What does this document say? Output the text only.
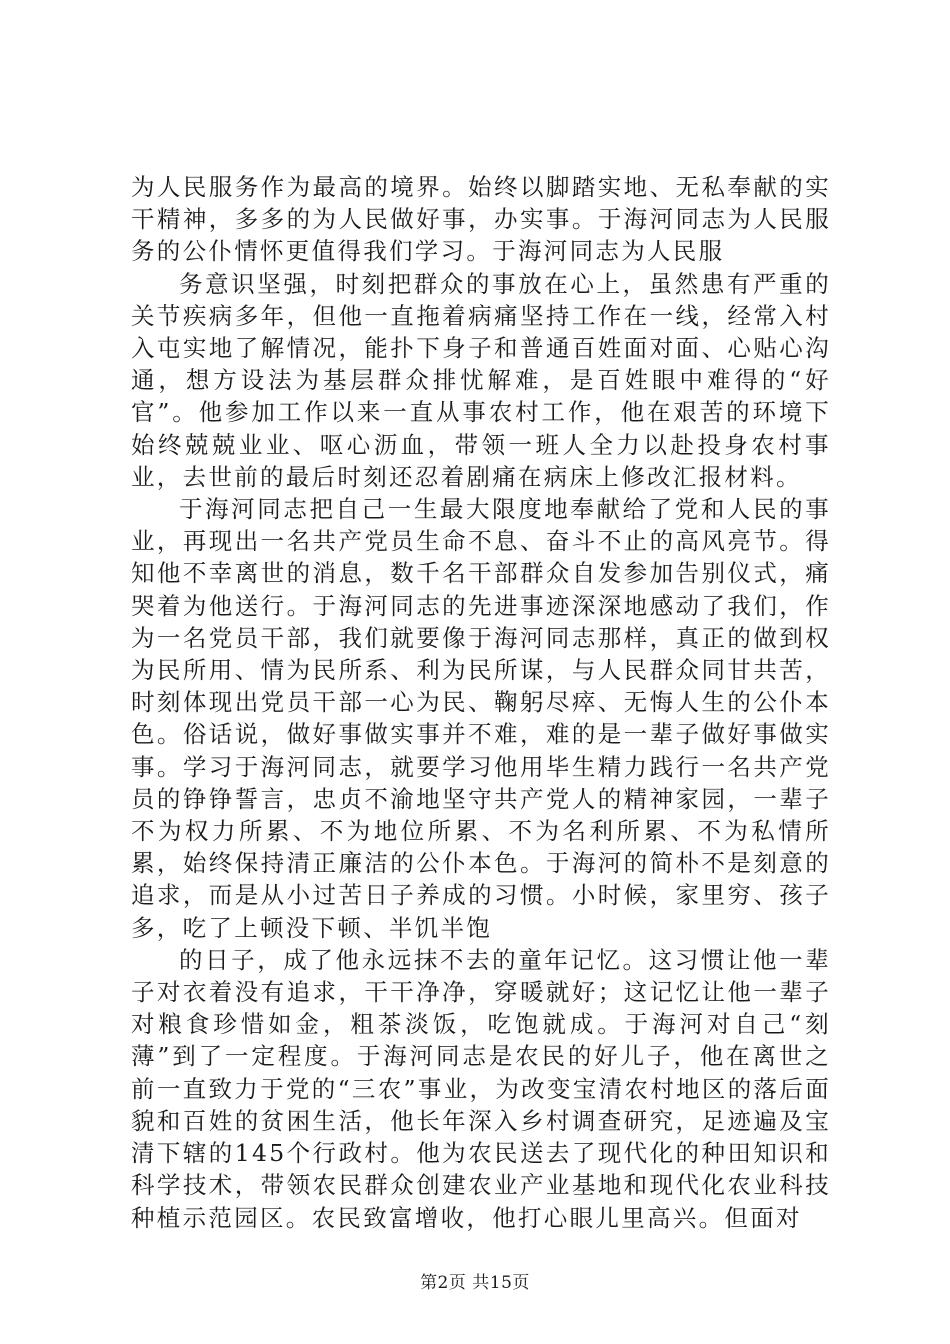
为人民服务作为最高的境界。始终以脚踏实地、无私奉献的实干精神，多多的为人民做好事，办实事。于海河同志为人民服务的公仆情怀更值得我们学习。于海河同志为人民服

务意识坚强，时刻把群众的事放在心上，虽然患有严重的关节疾病多年，但他一直拖着病痛坚持工作在一线，经常入村入屯实地了解情况，能扑下身子和普通百姓面对面、心贴心沟通，想方设法为基层群众排忧解难，是百姓眼中难得的“好官”。他参加工作以来一直从事农村工作，他在艰苦的环境下始终兢兢业业、呕心沥血，带领一班人全力以赴投身农村事业，去世前的最后时刻还忍着剧痛在病床上修改汇报材料。

于海河同志把自己一生最大限度地奉献给了党和人民的事业，再现出一名共产党员生命不息、奋斗不止的高风亮节。得知他不幸离世的消息，数千名干部群众自发参加告别仪式，痛哭着为他送行。于海河同志的先进事迹深深地感动了我们，作为一名党员干部，我们就要像于海河同志那样，真正的做到权为民所用、情为民所系、利为民所谋，与人民群众同甘共苦，时刻体现出党员干部一心为民、鞠躬尽瘁、无悔人生的公仆本色。俗话说，做好事做实事并不难，难的是一辈子做好事做实事。学习于海河同志，就要学习他用毕生精力践行一名共产党员的铮铮誓言，忠贞不渝地坚守共产党人的精神家园，一辈子不为权力所累、不为地位所累、不为名利所累、不为私情所累，始终保持清正廉洁的公仆本色。于海河的简朴不是刻意的追求，而是从小过苦日子养成的习惯。小时候，家里穷、孩子多，吃了上顿没下顿、半饥半饱

的日子，成了他永远抹不去的童年记忆。这习惯让他一辈子对衣着没有追求，干干净净，穿暖就好；这记忆让他一辈子对粮食珍惜如金，粗茶淡饭，吃饱就成。于海河对自己“刻薄”到了一定程度。于海河同志是农民的好儿子，他在离世之前一直致力于党的“三农”事业，为改变宝清农村地区的落后面貌和百姓的贫困生活，他长年深入乡村调查研究，足迹遍及宝清下辖的145个行政村。他为农民送去了现代化的种田知识和科学技术，带领农民群众创建农业产业基地和现代化农业科技种植示范园区。农民致富增收，他打心眼儿里高兴。但面对

第2页 共15页
